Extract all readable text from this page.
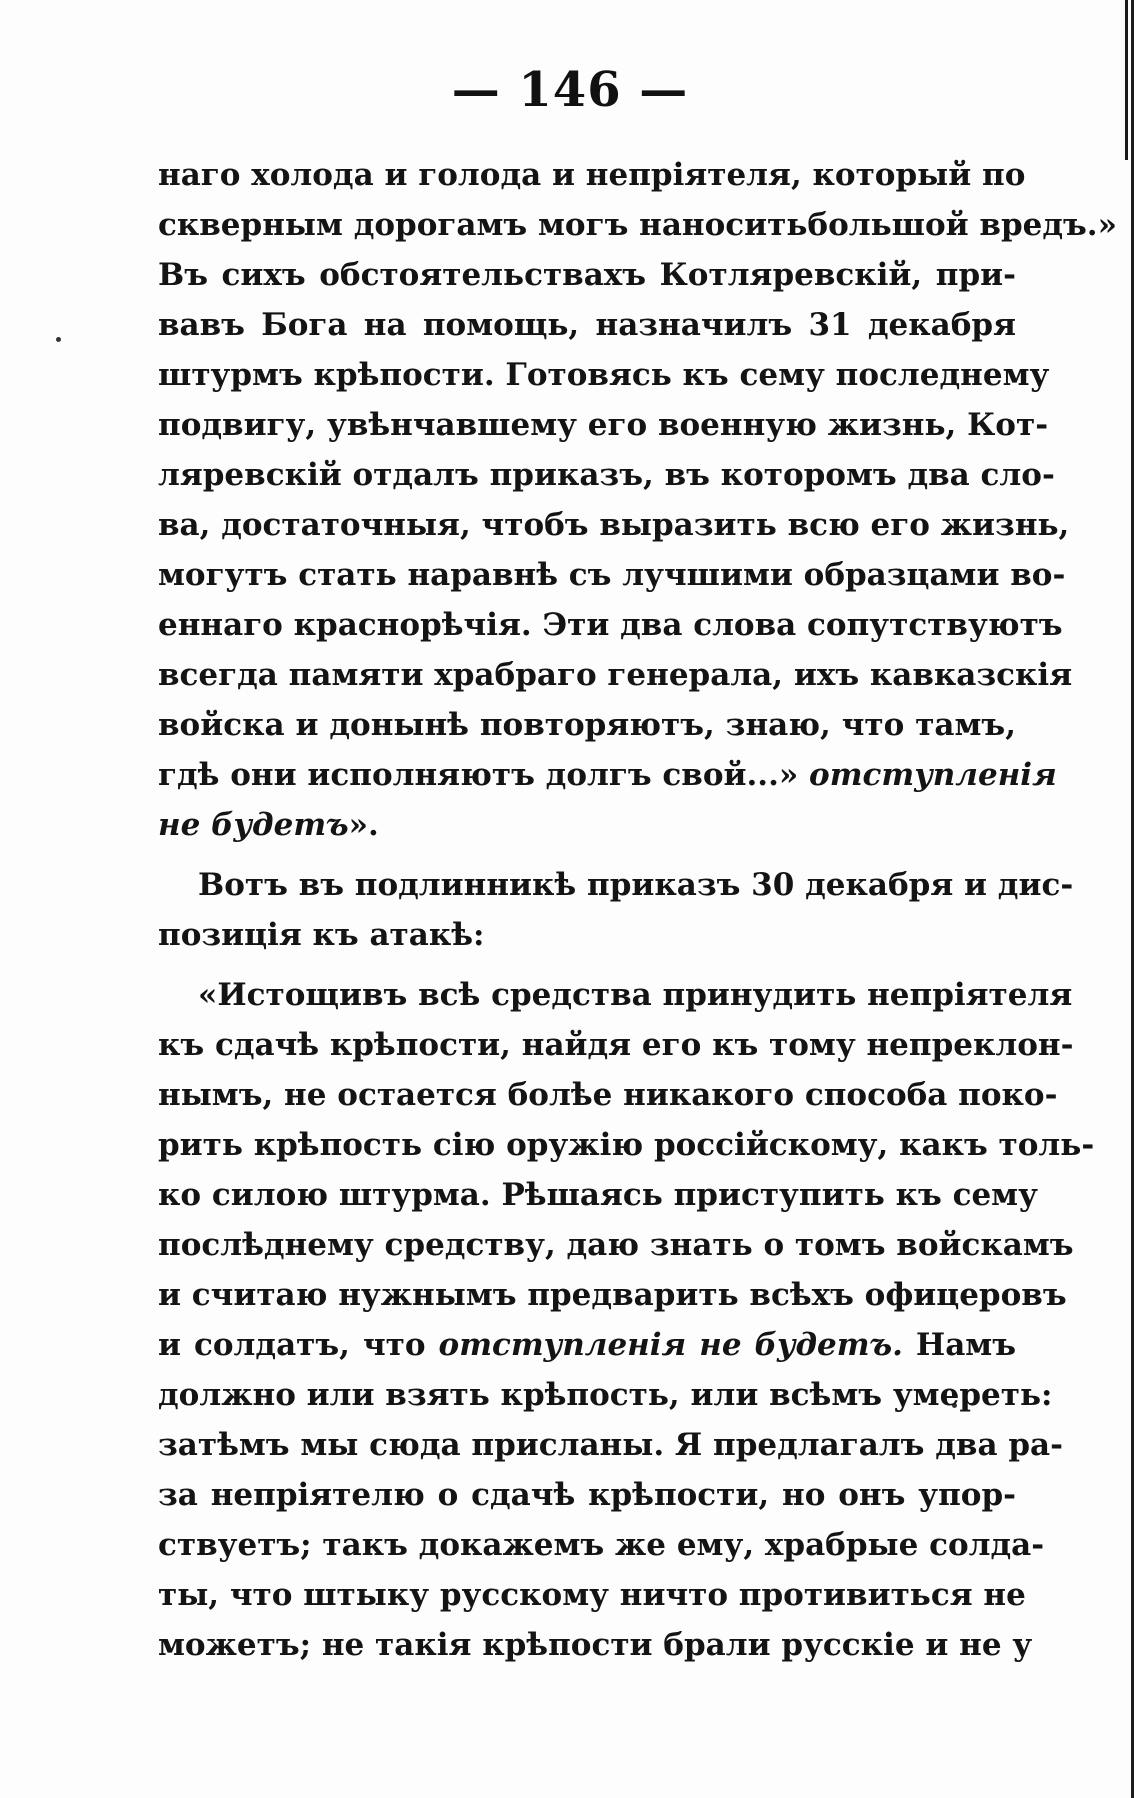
— 146 —
наго холода и голода и непріятеля, который по
скверным дорогамъ могъ наноситьбольшой вредъ.»
Въ сихъ обстоятельствахъ Котляревскій, при-
вавъ Бога на помощь, назначилъ 31 декабря
штурмъ крѣпости. Готовясь къ сему последнему
подвигу, увѣнчавшему его военную жизнь, Кот-
ляревскій отдалъ приказъ, въ которомъ два сло-
ва, достаточныя, чтобъ выразить всю его жизнь,
могутъ стать наравнѣ съ лучшими образцами во-
еннаго краснорѣчія. Эти два слова сопутствуютъ
всегда памяти храбраго генерала, ихъ кавказскія
войска и донынѣ повторяютъ, знаю, что тамъ,
гдѣ они исполняютъ долгъ свой...» отступленія
не будетъ».
Вотъ въ подлинникѣ приказъ 30 декабря и дис-
позиція къ атакѣ:
«Истощивъ всѣ средства принудить непріятеля
къ сдачѣ крѣпости, найдя его къ тому непреклон-
нымъ, не остается болѣе никакого способа поко-
рить крѣпость сію оружію россійскому, какъ толь-
ко силою штурма. Рѣшаясь приступить къ сему
послѣднему средству, даю знать о томъ войскамъ
и считаю нужнымъ предварить всѣхъ офицеровъ
и солдатъ, что отступленія не будетъ. Намъ
должно или взять крѣпость, или всѣмъ умереть:
затѣмъ мы сюда присланы. Я предлагалъ два ра-
за непріятелю о сдачѣ крѣпости, но онъ упор-
ствуетъ; такъ докажемъ же ему, храбрые солда-
ты, что штыку русскому ничто противиться не
можетъ; не такія крѣпости брали русскіе и не у
